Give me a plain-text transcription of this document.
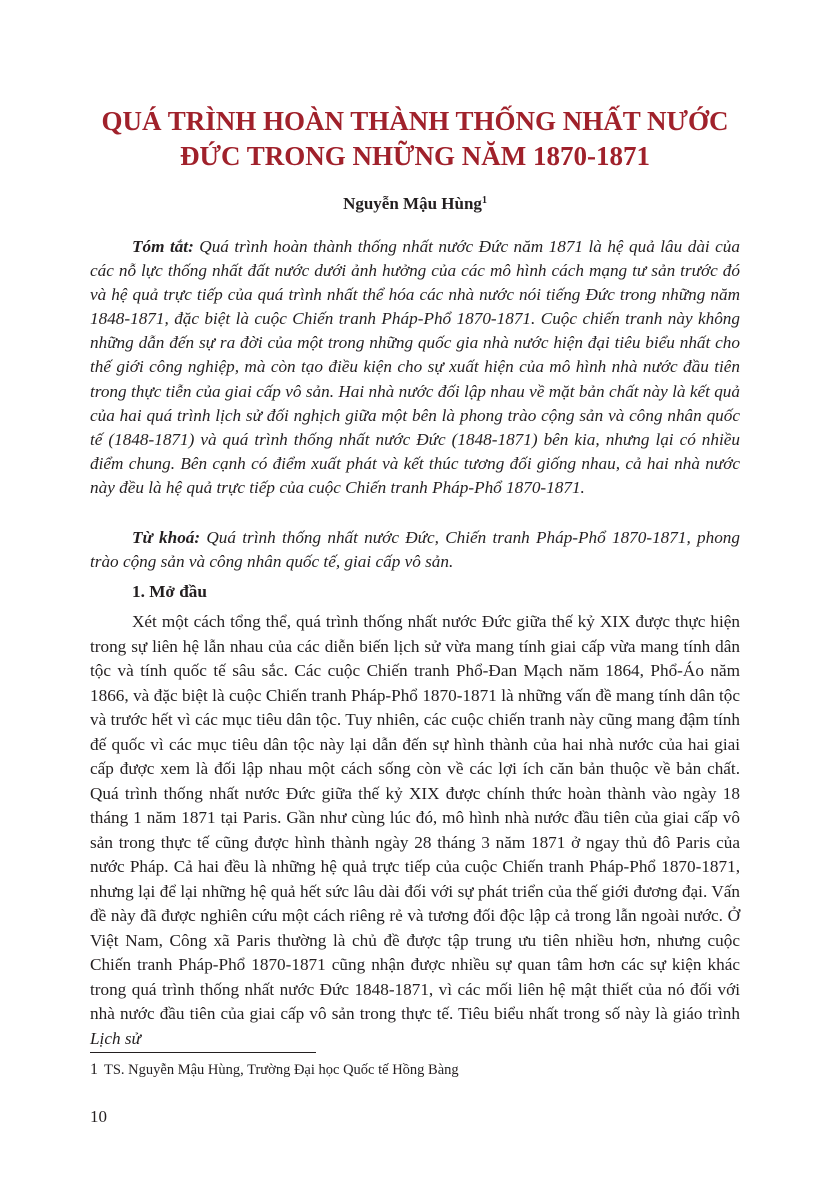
QUÁ TRÌNH HOÀN THÀNH THỐNG NHẤT NƯỚC ĐỨC TRONG NHỮNG NĂM 1870-1871
Nguyễn Mậu Hùng$^1$

Tóm tắt: Quá trình hoàn thành thống nhất nước Đức năm 1871 là hệ quả lâu dài của các nỗ lực thống nhất đất nước dưới ảnh hưởng của các mô hình cách mạng tư sản trước đó và hệ quả trực tiếp của quá trình nhất thể hóa các nhà nước nói tiếng Đức trong những năm 1848-1871, đặc biệt là cuộc Chiến tranh Pháp-Phổ 1870-1871. Cuộc chiến tranh này không những dẫn đến sự ra đời của một trong những quốc gia nhà nước hiện đại tiêu biểu nhất cho thế giới công nghiệp, mà còn tạo điều kiện cho sự xuất hiện của mô hình nhà nước đầu tiên trong thực tiễn của giai cấp vô sản. Hai nhà nước đối lập nhau về mặt bản chất này là kết quả của hai quá trình lịch sử đối nghịch giữa một bên là phong trào cộng sản và công nhân quốc tế (1848-1871) và quá trình thống nhất nước Đức (1848-1871) bên kia, nhưng lại có nhiều điểm chung. Bên cạnh có điểm xuất phát và kết thúc tương đối giống nhau, cả hai nhà nước này đều là hệ quả trực tiếp của cuộc Chiến tranh Pháp-Phổ 1870-1871.

Từ khoá: Quá trình thống nhất nước Đức, Chiến tranh Pháp-Phổ 1870-1871, phong trào cộng sản và công nhân quốc tế, giai cấp vô sản.

1. Mở đầu

Xét một cách tổng thể, quá trình thống nhất nước Đức giữa thế kỷ XIX được thực hiện trong sự liên hệ lẫn nhau của các diễn biến lịch sử vừa mang tính giai cấp vừa mang tính dân tộc và tính quốc tế sâu sắc. Các cuộc Chiến tranh Phổ-Đan Mạch năm 1864, Phổ-Áo năm 1866, và đặc biệt là cuộc Chiến tranh Pháp-Phổ 1870-1871 là những vấn đề mang tính dân tộc và trước hết vì các mục tiêu dân tộc. Tuy nhiên, các cuộc chiến tranh này cũng mang đậm tính đế quốc vì các mục tiêu dân tộc này lại dẫn đến sự hình thành của hai nhà nước của hai giai cấp được xem là đối lập nhau một cách sống còn về các lợi ích căn bản thuộc về bản chất. Quá trình thống nhất nước Đức giữa thế kỷ XIX được chính thức hoàn thành vào ngày 18 tháng 1 năm 1871 tại Paris. Gần như cùng lúc đó, mô hình nhà nước đầu tiên của giai cấp vô sản trong thực tế cũng được hình thành ngày 28 tháng 3 năm 1871 ở ngay thủ đô Paris của nước Pháp. Cả hai đều là những hệ quả trực tiếp của cuộc Chiến tranh Pháp-Phổ 1870-1871, nhưng lại để lại những hệ quả hết sức lâu dài đối với sự phát triển của thế giới đương đại. Vấn đề này đã được nghiên cứu một cách riêng rẻ và tương đối độc lập cả trong lẫn ngoài nước. Ở Việt Nam, Công xã Paris thường là chủ đề được tập trung ưu tiên nhiều hơn, nhưng cuộc Chiến tranh Pháp-Phổ 1870-1871 cũng nhận được nhiều sự quan tâm hơn các sự kiện khác trong quá trình thống nhất nước Đức 1848-1871, vì các mối liên hệ mật thiết của nó đối với nhà nước đầu tiên của giai cấp vô sản trong thực tế. Tiêu biểu nhất trong số này là giáo trình Lịch sử

1 TS. Nguyễn Mậu Hùng, Trường Đại học Quốc tế Hồng Bàng
10
